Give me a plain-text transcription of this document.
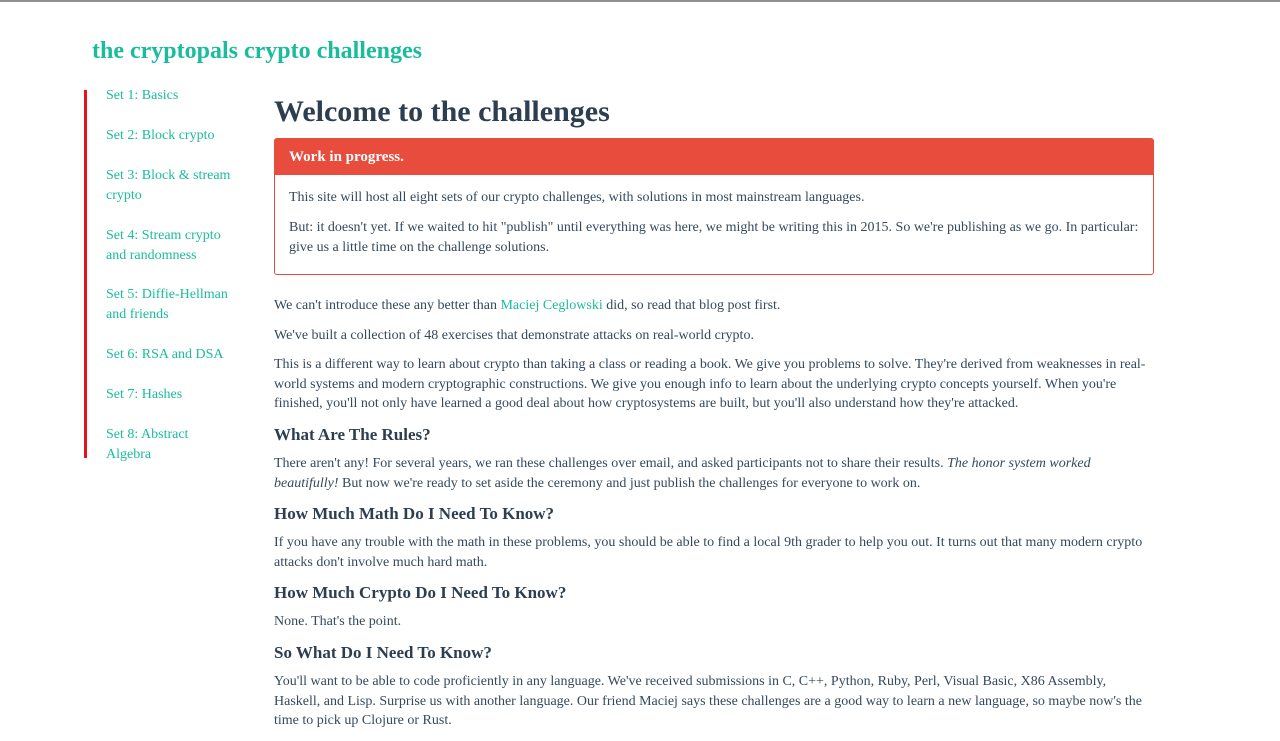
the cryptopals crypto challenges
Set 1: Basics
Set 2: Block crypto
Set 3: Block & stream crypto
Set 4: Stream crypto and randomness
Set 5: Diffie-Hellman and friends
Set 6: RSA and DSA
Set 7: Hashes
Set 8: Abstract Algebra
Welcome to the challenges
Work in progress.

This site will host all eight sets of our crypto challenges, with solutions in most mainstream languages.

But: it doesn't yet. If we waited to hit "publish" until everything was here, we might be writing this in 2015. So we're publishing as we go. In particular: give us a little time on the challenge solutions.

We can't introduce these any better than Maciej Ceglowski did, so read that blog post first.

We've built a collection of 48 exercises that demonstrate attacks on real-world crypto.

This is a different way to learn about crypto than taking a class or reading a book. We give you problems to solve. They're derived from weaknesses in real-world systems and modern cryptographic constructions. We give you enough info to learn about the underlying crypto concepts yourself. When you're finished, you'll not only have learned a good deal about how cryptosystems are built, but you'll also understand how they're attacked.

What Are The Rules?

There aren't any! For several years, we ran these challenges over email, and asked participants not to share their results. The honor system worked beautifully! But now we're ready to set aside the ceremony and just publish the challenges for everyone to work on.

How Much Math Do I Need To Know?

If you have any trouble with the math in these problems, you should be able to find a local 9th grader to help you out. It turns out that many modern crypto attacks don't involve much hard math.

How Much Crypto Do I Need To Know?

None. That's the point.

So What Do I Need To Know?

You'll want to be able to code proficiently in any language. We've received submissions in C, C++, Python, Ruby, Perl, Visual Basic, X86 Assembly, Haskell, and Lisp. Surprise us with another language. Our friend Maciej says these challenges are a good way to learn a new language, so maybe now's the time to pick up Clojure or Rust.
